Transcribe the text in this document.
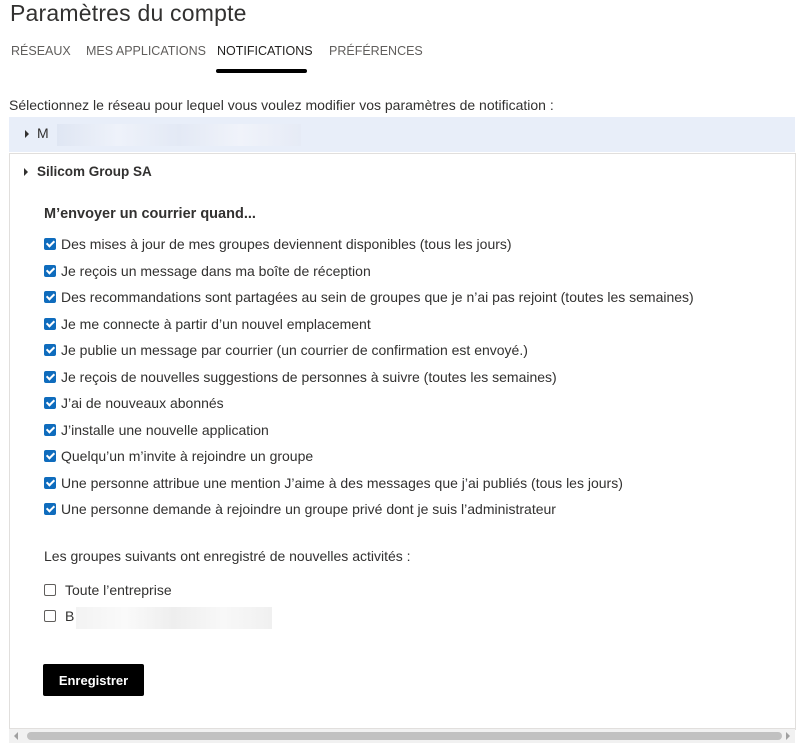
Paramètres du compte
RÉSEAUX MES APPLICATIONS NOTIFICATIONS PRÉFÉRENCES
Sélectionnez le réseau pour lequel vous voulez modifier vos paramètres de notification :
M
Silicom Group SA
M’envoyer un courrier quand...
Des mises à jour de mes groupes deviennent disponibles (tous les jours)
Je reçois un message dans ma boîte de réception
Des recommandations sont partagées au sein de groupes que je n’ai pas rejoint (toutes les semaines)
Je me connecte à partir d’un nouvel emplacement
Je publie un message par courrier (un courrier de confirmation est envoyé.)
Je reçois de nouvelles suggestions de personnes à suivre (toutes les semaines)
J’ai de nouveaux abonnés
J’installe une nouvelle application
Quelqu’un m’invite à rejoindre un groupe
Une personne attribue une mention J’aime à des messages que j’ai publiés (tous les jours)
Une personne demande à rejoindre un groupe privé dont je suis l’administrateur
Les groupes suivants ont enregistré de nouvelles activités :
Toute l’entreprise
B
Enregistrer
